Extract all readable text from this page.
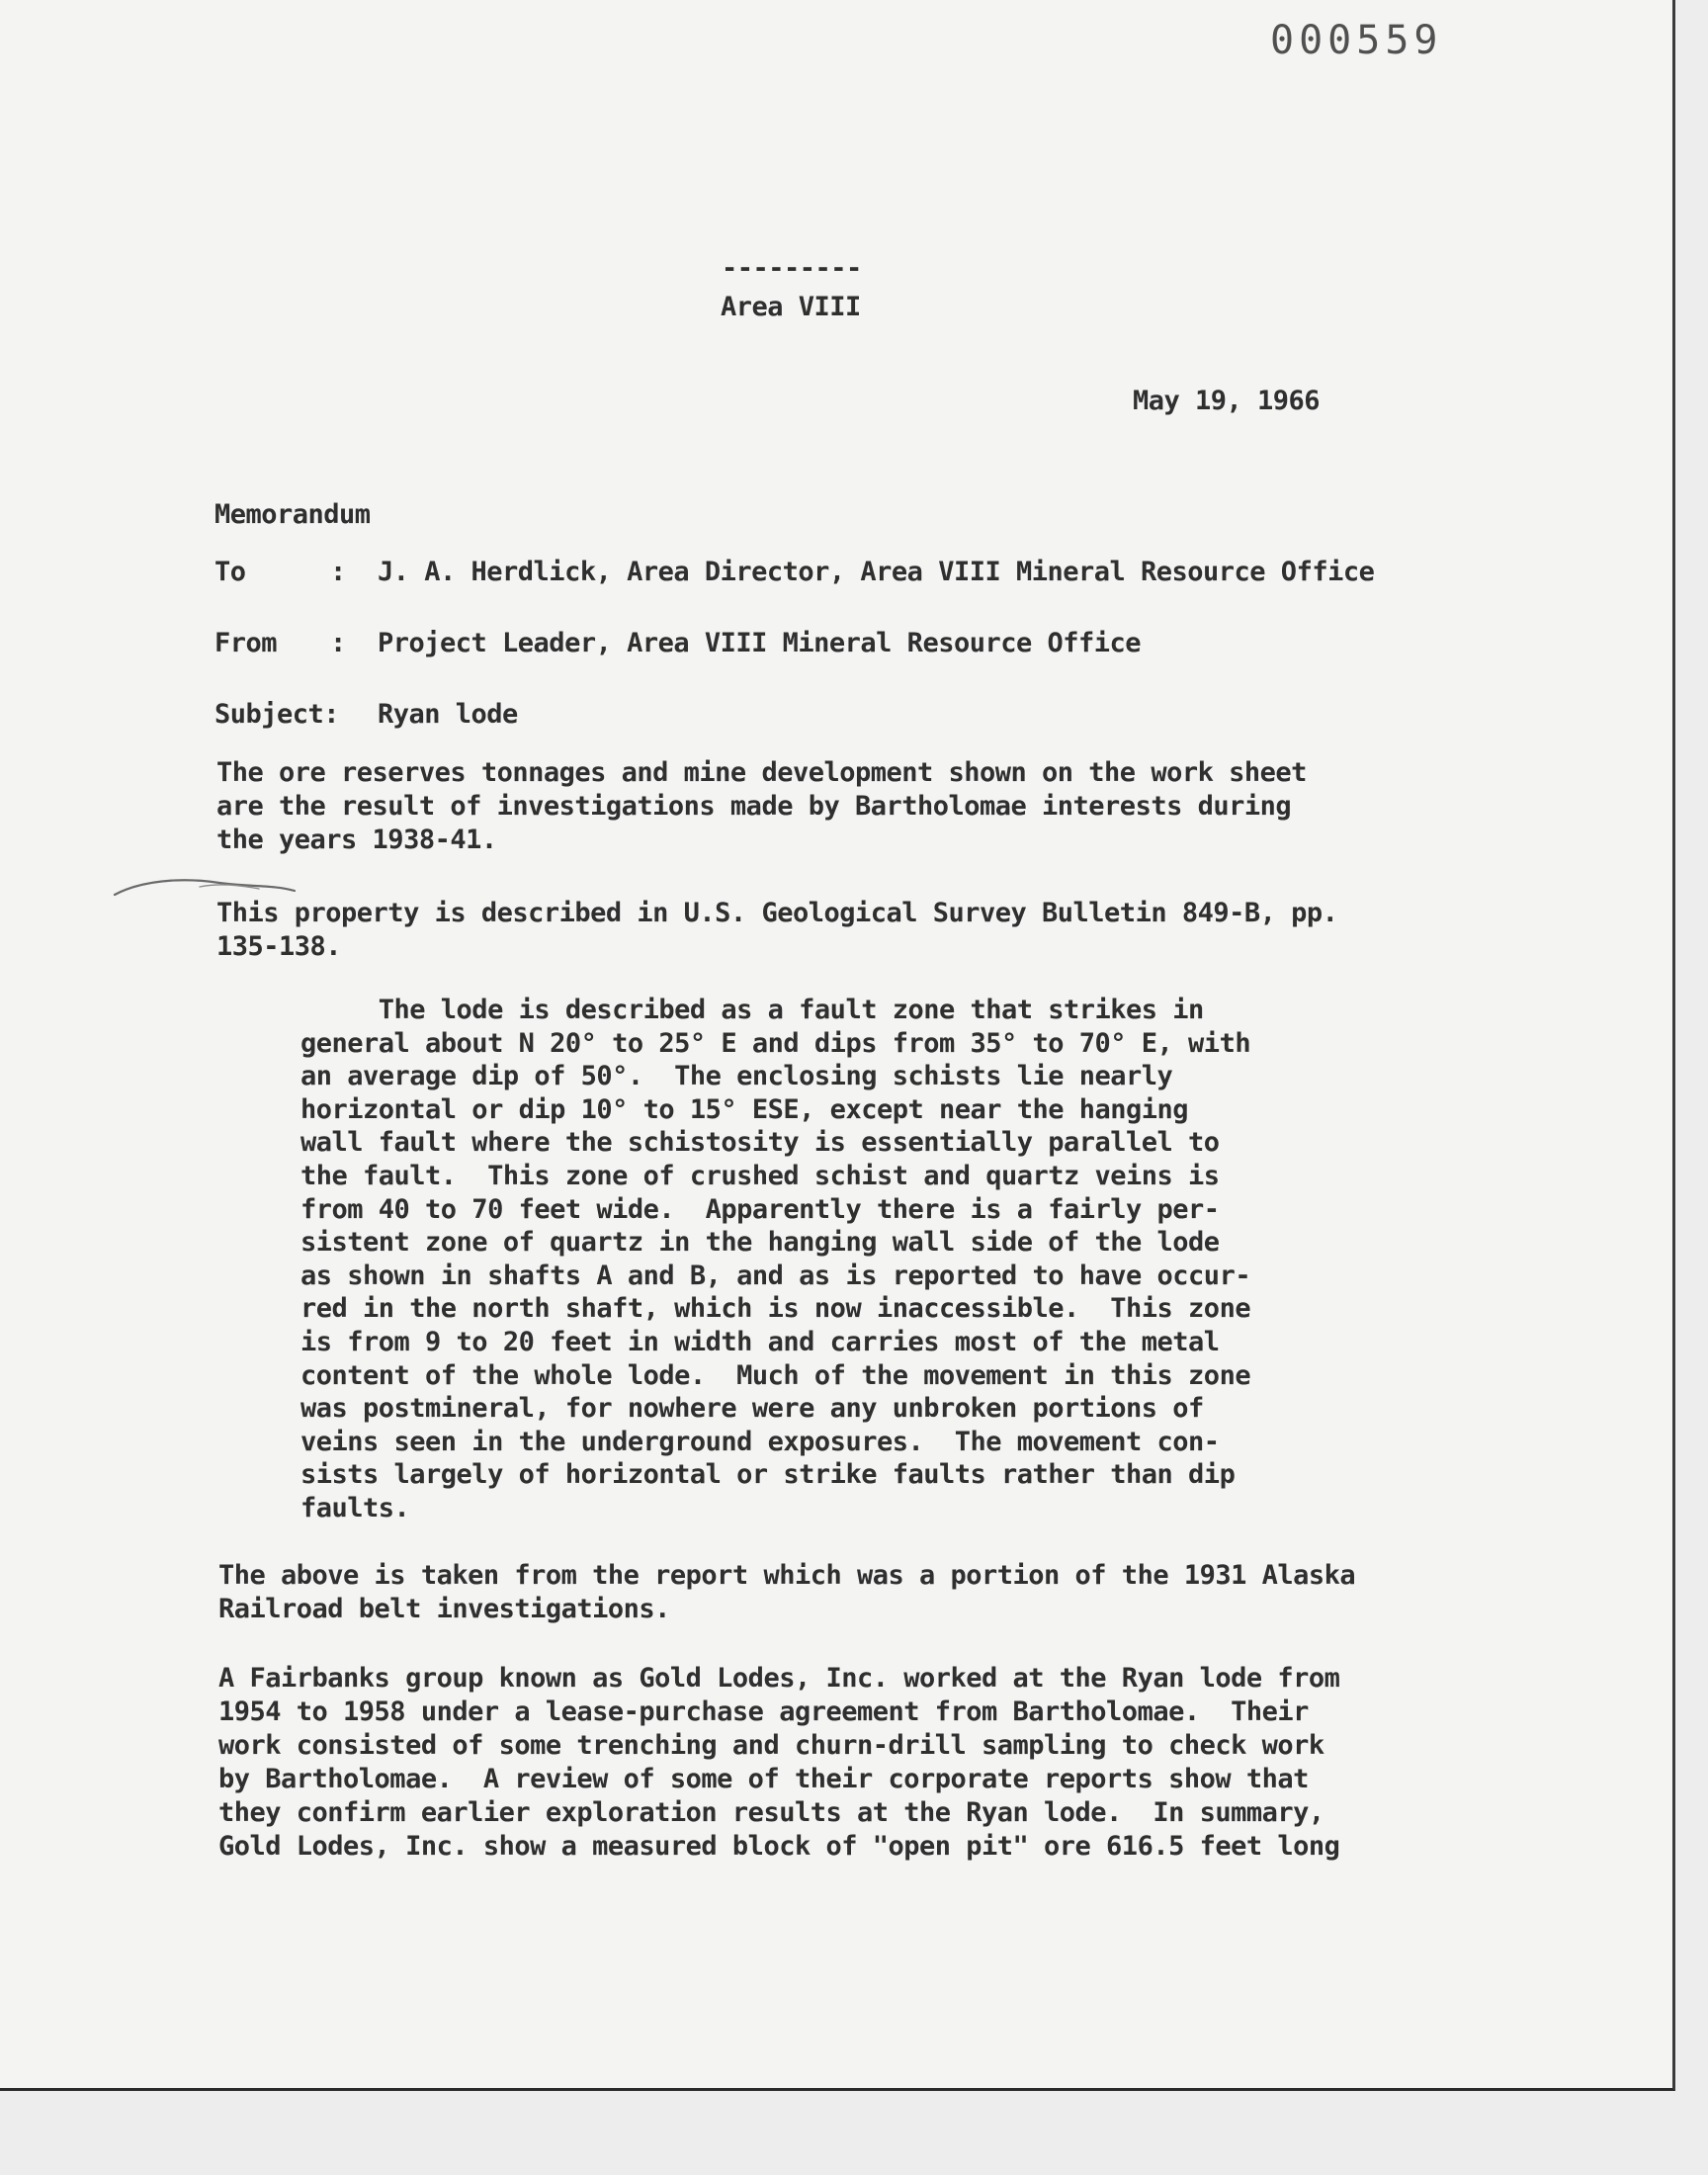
000559
---------
Area VIII
May 19, 1966
Memorandum
To	: J. A. Herdlick, Area Director, Area VIII Mineral Resource Office
From : Project Leader, Area VIII Mineral Resource Office
Subject: Ryan lode

The ore reserves tonnages and mine development shown on the work sheet
are the result of investigations made by Bartholomae interests during
the years 1938-41.

This property is described in U.S. Geological Survey Bulletin 849-B, pp.
135-138.

The lode is described as a fault zone that strikes in
general about N 20° to 25° E and dips from 35° to 70° E, with
an average dip of 50°.  The enclosing schists lie nearly
horizontal or dip 10° to 15° ESE, except near the hanging
wall fault where the schistosity is essentially parallel to
the fault.  This zone of crushed schist and quartz veins is
from 40 to 70 feet wide.  Apparently there is a fairly per-
sistent zone of quartz in the hanging wall side of the lode
as shown in shafts A and B, and as is reported to have occur-
red in the north shaft, which is now inaccessible.  This zone
is from 9 to 20 feet in width and carries most of the metal
content of the whole lode.  Much of the movement in this zone
was postmineral, for nowhere were any unbroken portions of
veins seen in the underground exposures.  The movement con-
sists largely of horizontal or strike faults rather than dip
faults.

The above is taken from the report which was a portion of the 1931 Alaska
Railroad belt investigations.

A Fairbanks group known as Gold Lodes, Inc. worked at the Ryan lode from
1954 to 1958 under a lease-purchase agreement from Bartholomae.  Their
work consisted of some trenching and churn-drill sampling to check work
by Bartholomae.  A review of some of their corporate reports show that
they confirm earlier exploration results at the Ryan lode.  In summary,
Gold Lodes, Inc. show a measured block of "open pit" ore 616.5 feet long
